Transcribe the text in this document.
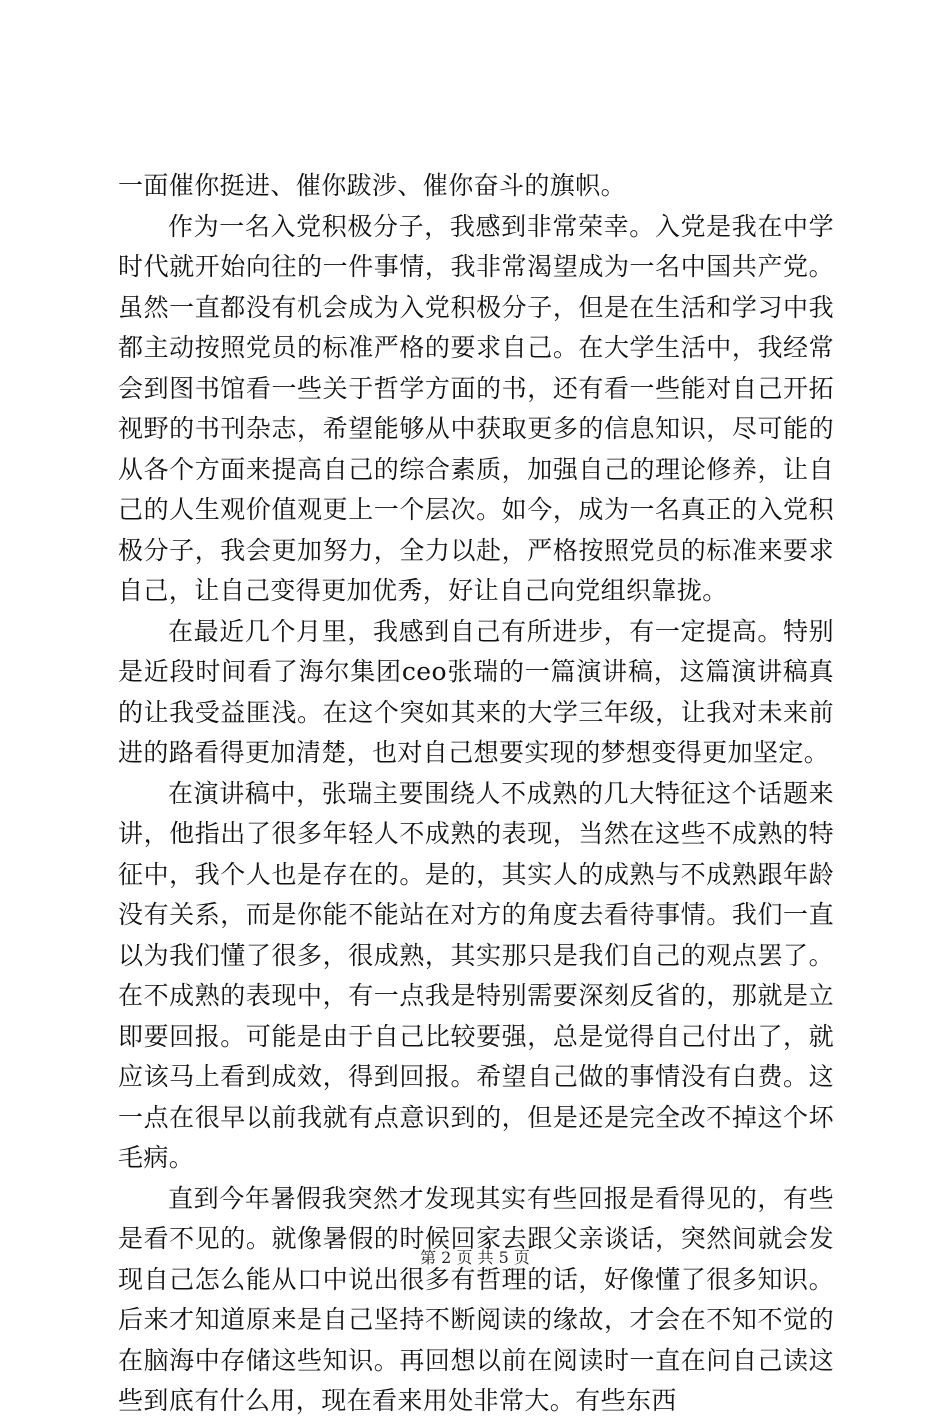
一面催你挺进、催你跋涉、催你奋斗的旗帜。

作为一名入党积极分子，我感到非常荣幸。入党是我在中学时代就开始向往的一件事情，我非常渴望成为一名中国共产党。虽然一直都没有机会成为入党积极分子，但是在生活和学习中我都主动按照党员的标准严格的要求自己。在大学生活中，我经常会到图书馆看一些关于哲学方面的书，还有看一些能对自己开拓视野的书刊杂志，希望能够从中获取更多的信息知识，尽可能的从各个方面来提高自己的综合素质，加强自己的理论修养，让自己的人生观价值观更上一个层次。如今，成为一名真正的入党积极分子，我会更加努力，全力以赴，严格按照党员的标准来要求自己，让自己变得更加优秀，好让自己向党组织靠拢。

在最近几个月里，我感到自己有所进步，有一定提高。特别是近段时间看了海尔集团ceo张瑞的一篇演讲稿，这篇演讲稿真的让我受益匪浅。在这个突如其来的大学三年级，让我对未来前进的路看得更加清楚，也对自己想要实现的梦想变得更加坚定。

在演讲稿中，张瑞主要围绕人不成熟的几大特征这个话题来讲，他指出了很多年轻人不成熟的表现，当然在这些不成熟的特征中，我个人也是存在的。是的，其实人的成熟与不成熟跟年龄没有关系，而是你能不能站在对方的角度去看待事情。我们一直以为我们懂了很多，很成熟，其实那只是我们自己的观点罢了。在不成熟的表现中，有一点我是特别需要深刻反省的，那就是立即要回报。可能是由于自己比较要强，总是觉得自己付出了，就应该马上看到成效，得到回报。希望自己做的事情没有白费。这一点在很早以前我就有点意识到的，但是还是完全改不掉这个坏毛病。

直到今年暑假我突然才发现其实有些回报是看得见的，有些是看不见的。就像暑假的时候回家去跟父亲谈话，突然间就会发现自己怎么能从口中说出很多有哲理的话，好像懂了很多知识。后来才知道原来是自己坚持不断阅读的缘故，才会在不知不觉的在脑海中存储这些知识。再回想以前在阅读时一直在问自己读这些到底有什么用，现在看来用处非常大。有些东西

第 2 页 共 5 页
